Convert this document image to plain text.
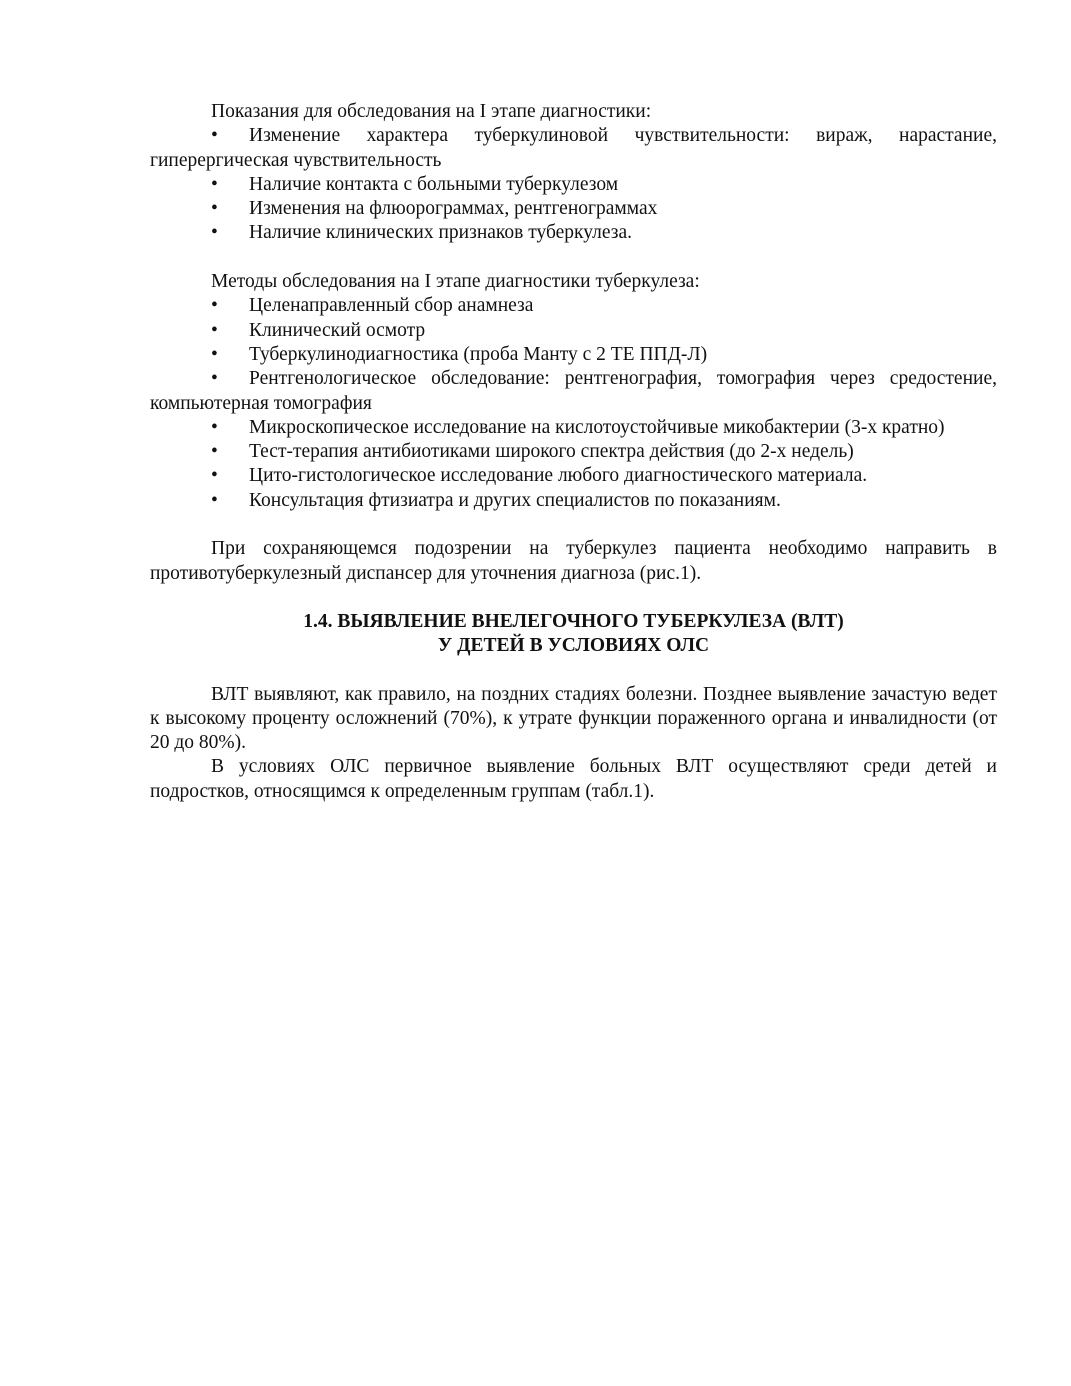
Показания для обследования на I этапе диагностики:

• Изменение характера туберкулиновой чувствительности: вираж, нарастание, гиперергическая чувствительность

• Наличие контакта с больными туберкулезом

• Изменения на флюорограммах, рентгенограммах

• Наличие клинических признаков туберкулеза.

Методы обследования на I этапе диагностики туберкулеза:

• Целенаправленный сбор анамнеза

• Клинический осмотр

• Туберкулинодиагностика (проба Манту с 2 ТЕ ППД-Л)

• Рентгенологическое обследование: рентгенография, томография через средостение, компьютерная томография

• Микроскопическое исследование на кислотоустойчивые микобактерии (3-х кратно)

• Тест-терапия антибиотиками широкого спектра действия (до 2-х недель)

• Цито-гистологическое исследование любого диагностического материала.

• Консультация фтизиатра и других специалистов по показаниям.

При сохраняющемся подозрении на туберкулез пациента необходимо направить в противотуберкулезный диспансер для уточнения диагноза (рис.1).

1.4. ВЫЯВЛЕНИЕ ВНЕЛЕГОЧНОГО ТУБЕРКУЛЕЗА (ВЛТ)
У ДЕТЕЙ В УСЛОВИЯХ ОЛС

ВЛТ выявляют, как правило, на поздних стадиях болезни. Позднее выявление зачастую ведет к высокому проценту осложнений (70%), к утрате функции пораженного органа и инвалидности (от 20 до 80%).

В условиях ОЛС первичное выявление больных ВЛТ осуществляют среди детей и подростков, относящимся к определенным группам (табл.1).
